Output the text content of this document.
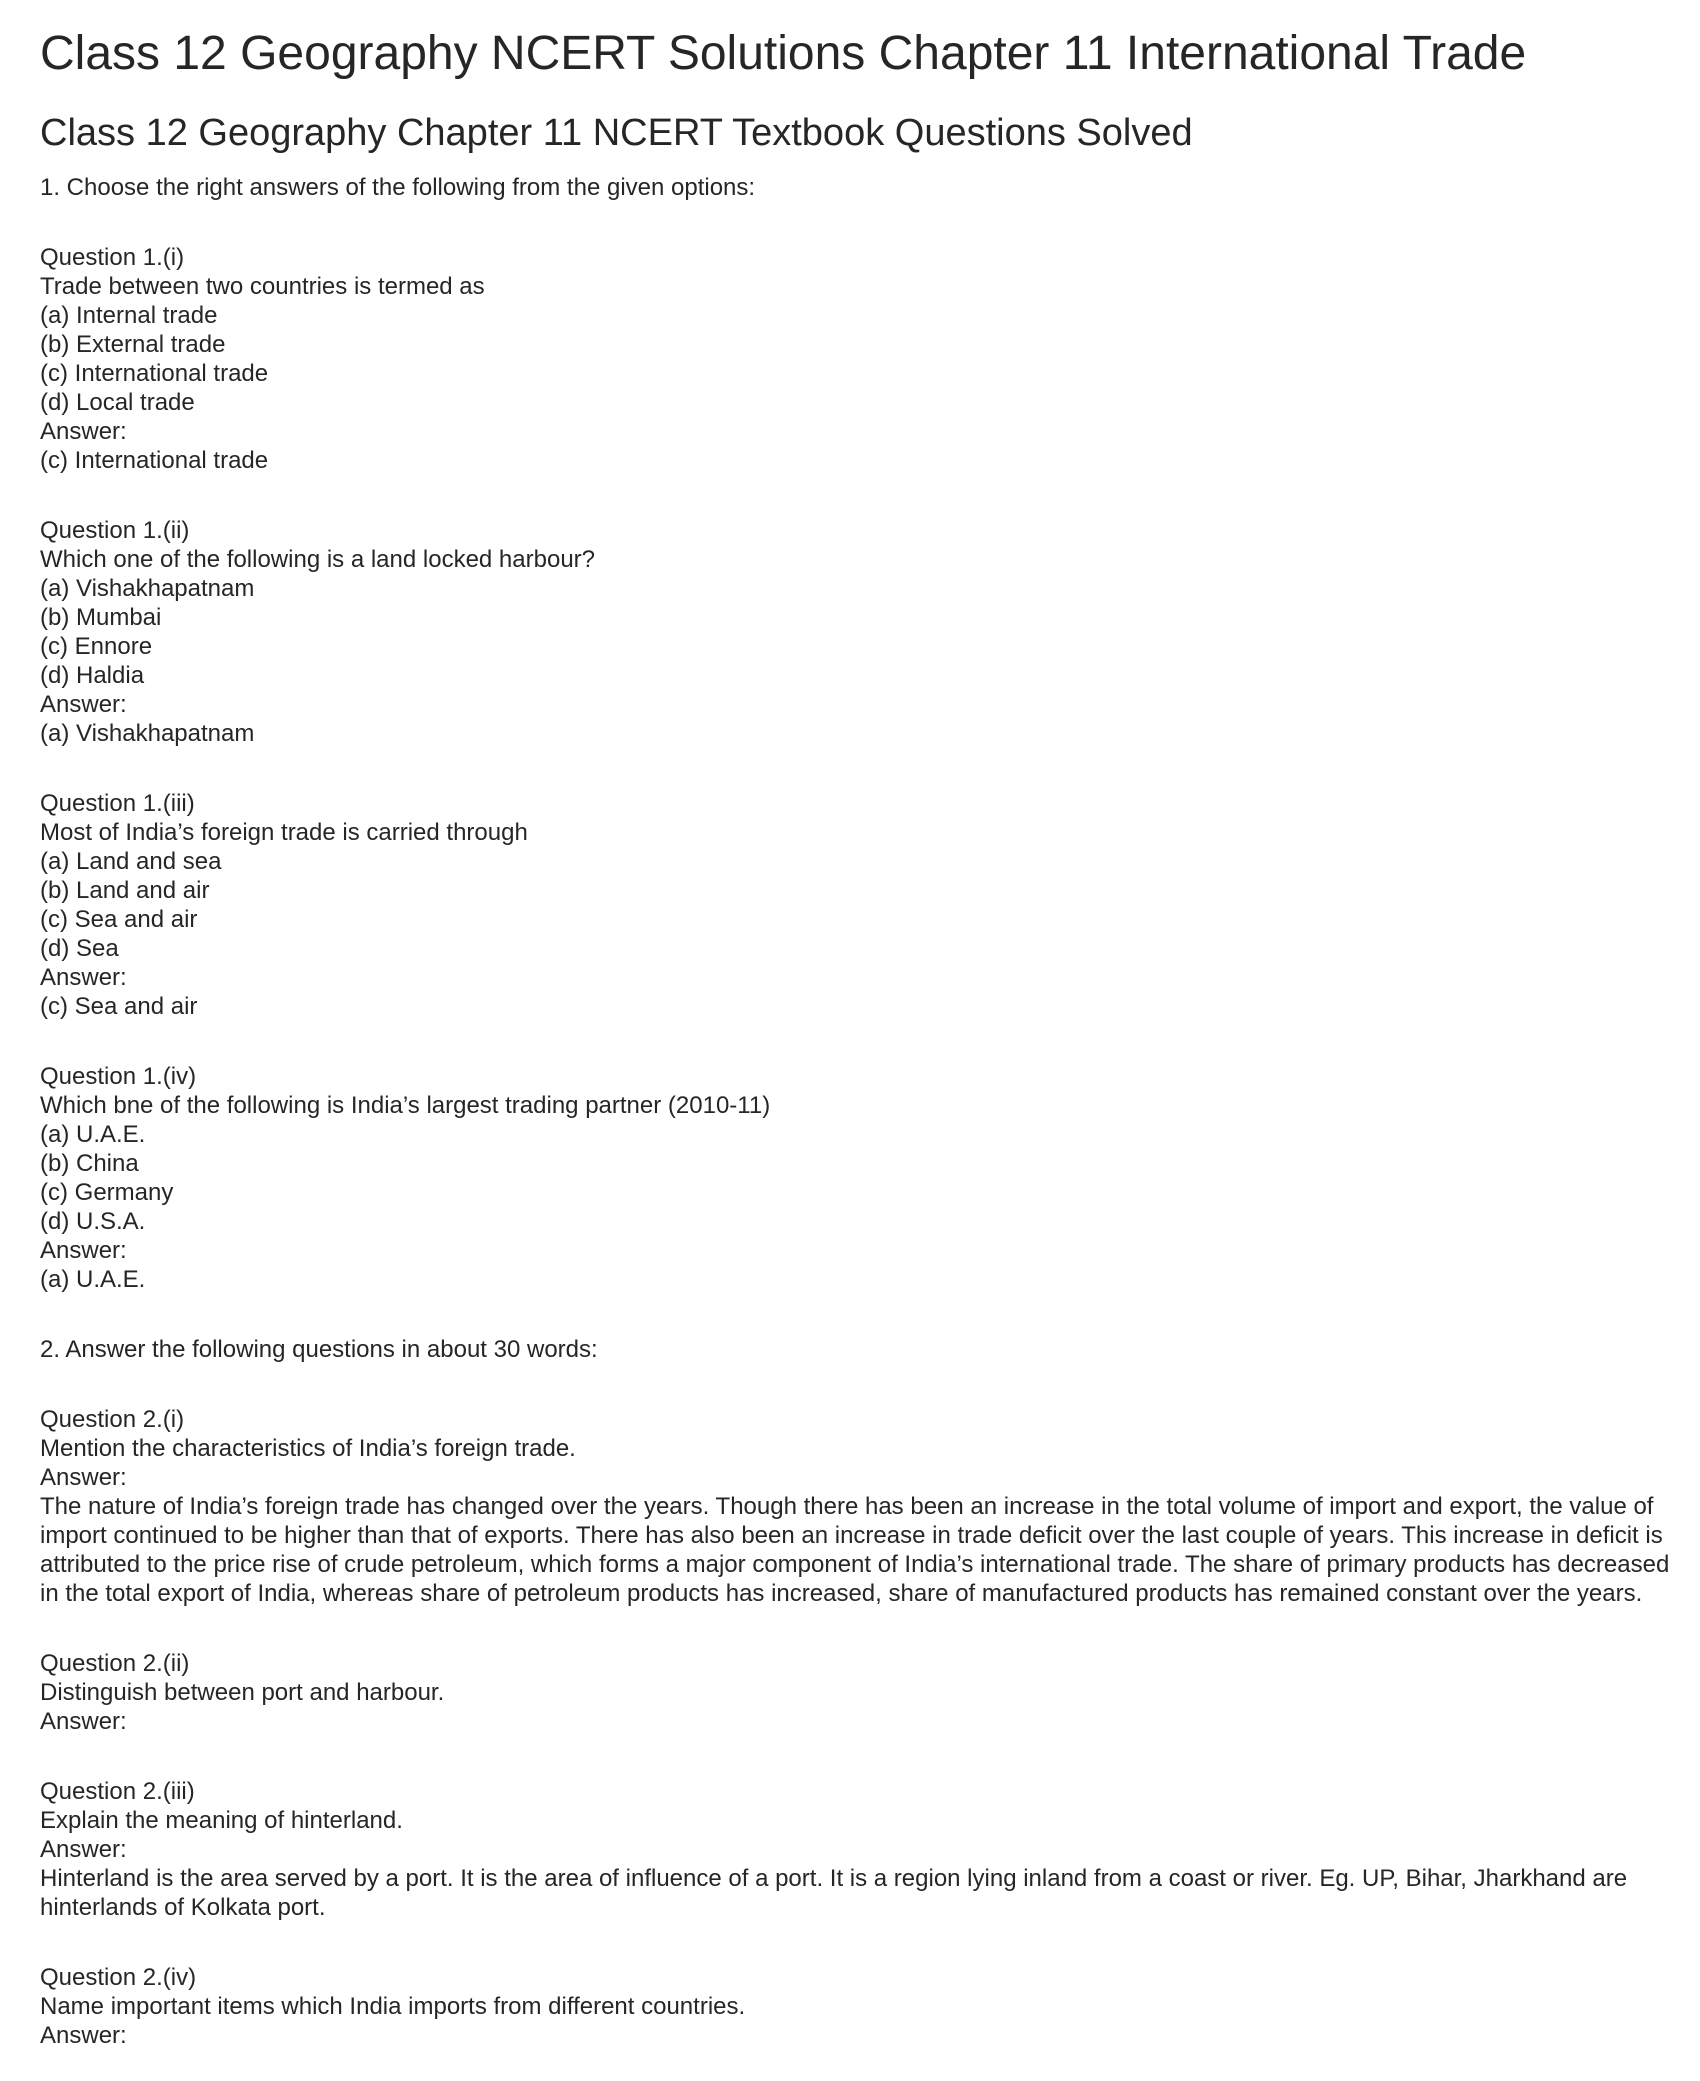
Class 12 Geography NCERT Solutions Chapter 11 International Trade
Class 12 Geography Chapter 11 NCERT Textbook Questions Solved
1. Choose the right answers of the following from the given options:
Question 1.(i)
Trade between two countries is termed as
(a) Internal trade
(b) External trade
(c) International trade
(d) Local trade
Answer:
(c) International trade
Question 1.(ii)
Which one of the following is a land locked harbour?
(a) Vishakhapatnam
(b) Mumbai
(c) Ennore
(d) Haldia
Answer:
(a) Vishakhapatnam
Question 1.(iii)
Most of India’s foreign trade is carried through
(a) Land and sea
(b) Land and air
(c) Sea and air
(d) Sea
Answer:
(c) Sea and air
Question 1.(iv)
Which bne of the following is India’s largest trading partner (2010-11)
(a) U.A.E.
(b) China
(c) Germany
(d) U.S.A.
Answer:
(a) U.A.E.
2. Answer the following questions in about 30 words:
Question 2.(i)
Mention the characteristics of India’s foreign trade.
Answer:
The nature of India’s foreign trade has changed over the years. Though there has been an increase in the total volume of import and export, the value of import continued to be higher than that of exports. There has also been an increase in trade deficit over the last couple of years. This increase in deficit is attributed to the price rise of crude petroleum, which forms a major component of India’s international trade. The share of primary products has decreased in the total export of India, whereas share of petroleum products has increased, share of manufactured products has remained constant over the years.
Question 2.(ii)
Distinguish between port and harbour.
Answer:
Question 2.(iii)
Explain the meaning of hinterland.
Answer:
Hinterland is the area served by a port. It is the area of influence of a port. It is a region lying inland from a coast or river. Eg. UP, Bihar, Jharkhand are hinterlands of Kolkata port.
Question 2.(iv)
Name important items which India imports from different countries.
Answer:
